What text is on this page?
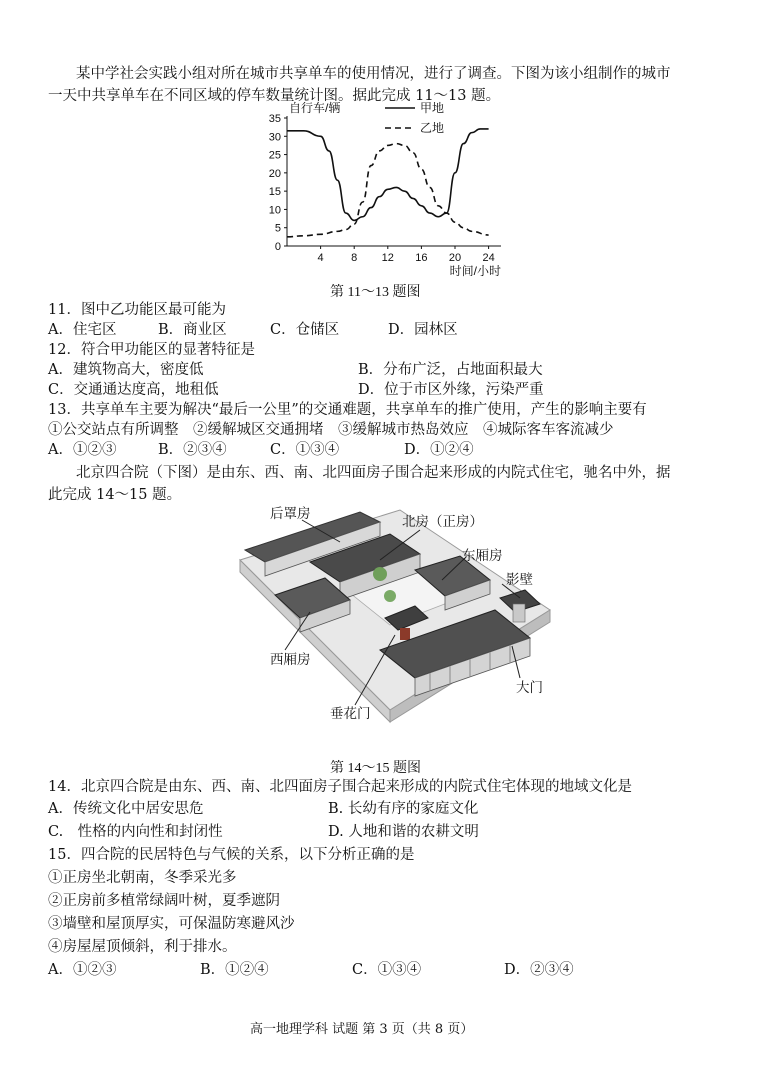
某中学社会实践小组对所在城市共享单车的使用情况，进行了调查。下图为该小组制作的城市
一天中共享单车在不同区域的停车数量统计图。据此完成 11～13 题。
0
5
10
15
20
25
30
35
4 8 12 16 20 24
自行车/辆
时间/小时
甲地
乙地
第 11～13 题图
11．图中乙功能区最可能为
A．住宅区	B．商业区	C．仓储区	D．园林区
12．符合甲功能区的显著特征是
A．建筑物高大，密度低	B．分布广泛，占地面积最大
C．交通通达度高，地租低	D．位于市区外缘，污染严重
13．共享单车主要为解决“最后一公里”的交通难题，共享单车的推广使用，产生的影响主要有
①公交站点有所调整　②缓解城区交通拥堵　③缓解城市热岛效应　④城际客车客流减少
A．①②③	B．②③④	C．①③④	D．①②④
北京四合院（下图）是由东、西、南、北四面房子围合起来形成的内院式住宅，驰名中外，据
此完成 14～15 题。
后罩房	北房（正房）
东厢房
影壁
西厢房
大门
垂花门
第 14～15 题图
14．北京四合院是由东、西、南、北四面房子围合起来形成的内院式住宅体现的地域文化是
A．传统文化中居安思危	B. 长幼有序的家庭文化
C.　性格的内向性和封闭性	D. 人地和谐的农耕文明
15．四合院的民居特色与气候的关系，以下分析正确的是
①正房坐北朝南，冬季采光多
②正房前多植常绿阔叶树，夏季遮阴
③墙壁和屋顶厚实，可保温防寒避风沙
④房屋屋顶倾斜，利于排水。
A．①②③	B．①②④	C．①③④	D．②③④
高一地理学科 试题 第 3 页（共 8 页）
